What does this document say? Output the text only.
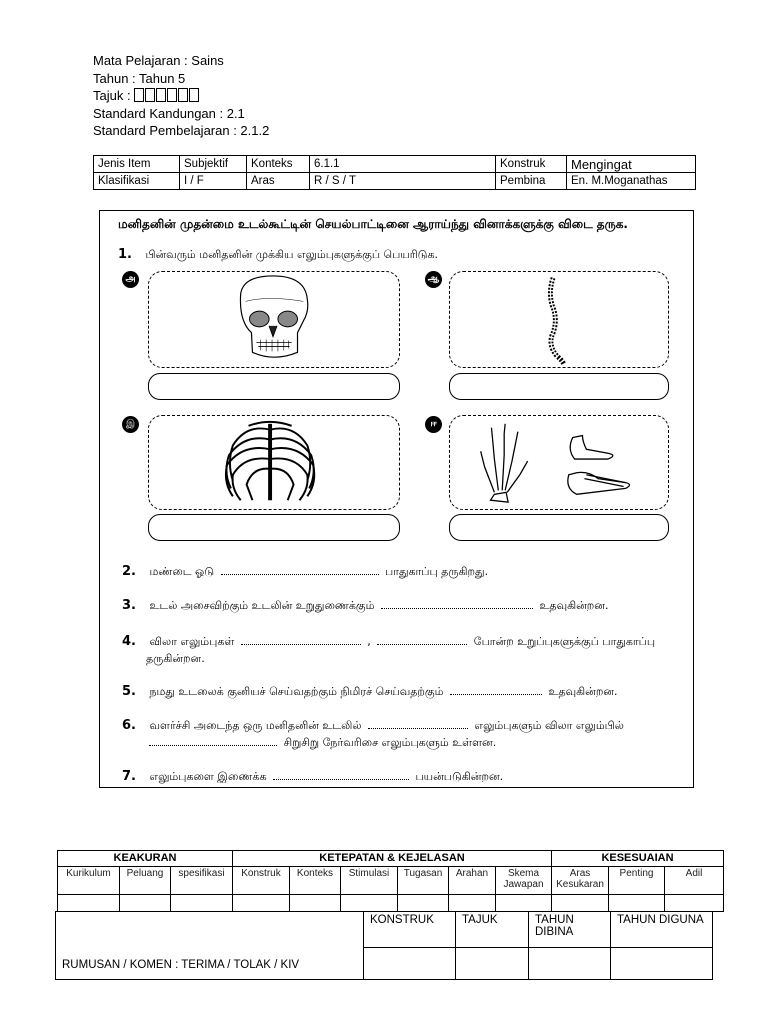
Mata Pelajaran : Sains
Tahun : Tahun 5
Tajuk :
Standard Kandungan : 2.1
Standard Pembelajaran : 2.1.2
Jenis Item	Subjektif	Konteks	6.1.1	Konstruk	Mengingat
Klasifikasi	I / F	Aras	R / S / T	Pembina	En. M.Moganathas
மனிதனின் முதன்மை உடல்கூட்டின் செயல்பாட்டினை ஆராய்ந்து வினாக்களுக்கு விடை தருக.
1. பின்வரும் மனிதனின் முக்கிய எலும்புகளுக்குப் பெயரிடுக.
அ	ஆ
இ	ஈ
2. மண்டை ஓடு	பாதுகாப்பு தருகிறது.
3. உடல் அசைவிற்கும் உடலின் உறுதுணைக்கும்	உதவுகின்றன.
4. விலா எலும்புகள்	,	போன்ற உறுப்புகளுக்குப் பாதுகாப்பு
தருகின்றன.
5. நமது உடலைக் குனியச் செய்வதற்கும் நிமிரச் செய்வதற்கும்	உதவுகின்றன.
6. வளர்ச்சி அடைந்த ஒரு மனிதனின் உடலில்	எலும்புகளும் விலா எலும்பில்
சிறுசிறு நேர்வரிசை எலும்புகளும் உள்ளன.
7. எலும்புகளை இணைக்க	பயன்படுகின்றன.
KEAKURAN			KETEPATAN & KEJELASAN						KESESUAIAN		
Kurikulum	Peluang	spesifikasi	Konstruk	Konteks	Stimulasi	Tugasan	Arahan	Skema Jawapan	Aras Kesukaran	Penting	Adil

RUMUSAN / KOMEN : TERIMA / TOLAK / KIV	KONSTRUK	TAJUK	TAHUN DIBINA	TAHUN DIGUNA
